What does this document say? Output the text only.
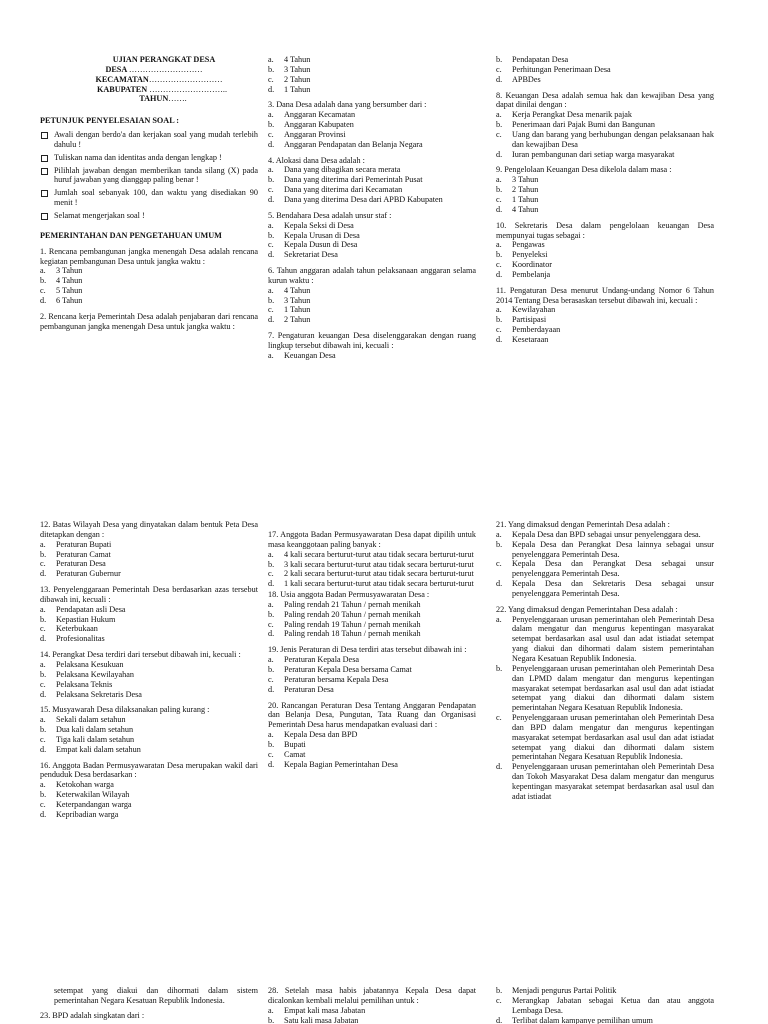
UJIAN PERANGKAT DESA

DESA ………………………

KECAMATAN………………………

KABUPATEN ………………………..

TAHUN…….

PETUNJUK PENYELESAIAN SOAL :
Awali dengan berdo'a dan kerjakan soal yang mudah terlebih dahulu !
Tuliskan nama dan identitas anda dengan lengkap !
Pilihlah jawaban dengan memberikan tanda silang (X) pada huruf jawaban yang dianggap paling benar !
Jumlah soal sebanyak 100, dan waktu yang disediakan 90 menit !
Selamat mengerjakan soal !
PEMERINTAHAN DAN PENGETAHUAN UMUM
1. Rencana pembangunan jangka menengah Desa adalah rencana kegiatan pembangunan Desa untuk jangka waktu :
a.	3 Tahun
b.	4 Tahun
c.	5 Tahun
d.	6 Tahun
2. Rencana kerja Pemerintah Desa adalah penjabaran dari rencana pembangunan jangka menengah Desa untuk jangka waktu :
a.	4 Tahun
b.	3 Tahun
c.	2 Tahun
d.	1 Tahun
3. Dana Desa adalah dana yang bersumber dari :
a.	Anggaran Kecamatan
b.	Anggaran Kabupaten
c.	Anggaran Provinsi
d.	Anggaran Pendapatan dan Belanja Negara
4. Alokasi dana Desa adalah :
a.	Dana yang dibagikan secara merata
b.	Dana yang diterima dari Pemerintah Pusat
c.	Dana yang diterima dari Kecamatan
d.	Dana yang diterima Desa dari APBD Kabupaten
5. Bendahara Desa adalah unsur staf :
a.	Kepala Seksi di Desa
b.	Kepala Urusan di Desa
c.	Kepala Dusun di Desa
d.	Sekretariat Desa
6. Tahun anggaran adalah tahun pelaksanaan anggaran selama kurun waktu :
a.	4 Tahun
b.	3 Tahun
c.	1 Tahun
d.	2 Tahun
7. Pengaturan keuangan Desa diselenggarakan dengan ruang lingkup tersebut dibawah ini, kecuali :
a.	Keuangan Desa
b.	Pendapatan Desa
c.	Perhitungan Penerimaan Desa
d.	APBDes
8. Keuangan Desa adalah semua hak dan kewajiban Desa yang dapat dinilai dengan :
a.	Kerja Perangkat Desa menarik pajak
b.	Penerimaan dari Pajak Bumi dan Bangunan
c.	Uang dan barang yang berhubungan dengan pelaksanaan hak dan kewajiban Desa
d.	Iuran pembangunan dari setiap warga masyarakat
9. Pengelolaan Keuangan Desa dikelola dalam masa :
a.	3 Tahun
b.	2 Tahun
c.	1 Tahun
d.	4 Tahun
10. Sekretaris Desa dalam pengelolaan keuangan Desa mempunyai tugas sebagai :
a.	Pengawas
b.	Penyeleksi
c.	Koordinator
d.	Pembelanja
11. Pengaturan Desa menurut Undang-undang Nomor 6 Tahun 2014 Tentang Desa berasaskan tersebut dibawah ini, kecuali :
a.	Kewilayahan
b.	Partisipasi
c.	Pemberdayaan
d.	Kesetaraan
12. Batas Wilayah Desa yang dinyatakan dalam bentuk Peta Desa ditetapkan dengan :
a.	Peraturan Bupati
b.	Peraturan Camat
c.	Peraturan Desa
d.	Peraturan Gubernur
13. Penyelenggaraan Pemerintah Desa berdasarkan azas tersebut dibawah ini, kecuali :
a.	Pendapatan asli Desa
b.	Kepastian Hukum
c.	Keterbukaan
d.	Profesionalitas
14. Perangkat Desa terdiri dari tersebut dibawah ini, kecuali :
a.	Pelaksana Kesukuan
b.	Pelaksana Kewilayahan
c.	Pelaksana Teknis
d.	Pelaksana Sekretaris Desa
15. Musyawarah Desa dilaksanakan paling kurang :
a.	Sekali dalam setahun
b.	Dua kali dalam setahun
c.	Tiga kali dalam setahun
d.	Empat kali dalam setahun
16. Anggota Badan Permusyawaratan Desa merupakan wakil dari penduduk Desa berdasarkan :
a.	Ketokohan warga
b.	Keterwakilan Wilayah
c.	Keterpandangan warga
d.	Kepribadian warga
17. Anggota Badan Permusyawaratan Desa dapat dipilih untuk masa keanggotaan paling banyak :
a.	4 kali secara berturut-turut atau tidak secara berturut-turut
b.	3 kali secara berturut-turut atau tidak secara berturut-turut
c.	2 kali secara berturut-turut atau tidak secara berturut-turut
d.	1 kali secara berturut-turut atau tidak secara berturut-turut
18. Usia anggota Badan Permusyawaratan Desa :
a.	Paling rendah 21 Tahun / pernah menikah
b.	Paling rendah 20 Tahun / pernah menikah
c.	Paling rendah 19 Tahun / pernah menikah
d.	Paling rendah 18 Tahun / pernah menikah
19. Jenis Peraturan di Desa terdiri atas tersebut dibawah ini :
a.	Peraturan Kepala Desa
b.	Peraturan Kepala Desa bersama Camat
c.	Peraturan bersama Kepala Desa
d.	Peraturan Desa
20. Rancangan Peraturan Desa Tentang Anggaran Pendapatan dan Belanja Desa, Pungutan, Tata Ruang dan Organisasi Pemerintah Desa harus mendapatkan evaluasi dari :
a.	Kepala Desa dan BPD
b.	Bupati
c.	Camat
d.	Kepala Bagian Pemerintahan Desa
21. Yang dimaksud dengan Pemerintah Desa adalah :
a.	Kepala Desa dan BPD sebagai unsur penyelenggara desa.
b.	Kepala Desa dan Perangkat Desa lainnya sebagai unsur penyelenggara Pemerintah Desa.
c.	Kepala Desa dan Perangkat Desa sebagai unsur penyelenggara Pemerintah Desa.
d.	Kepala Desa dan Sekretaris Desa sebagai unsur penyelenggara Pemerintah Desa.
22. Yang dimaksud dengan Pemerintahan Desa adalah :
a.	Penyelenggaraan urusan pemerintahan oleh Pemerintah Desa dalam mengatur dan mengurus kepentingan masyarakat setempat berdasarkan asal usul dan adat istiadat setempat yang diakui dan dihormati dalam sistem pemerintahan Negara Kesatuan Republik Indonesia.
b.	Penyelenggaraan urusan pemerintahan oleh Pemerintah Desa dan LPMD dalam mengatur dan mengurus kepentingan masyarakat setempat berdasarkan asal usul dan adat istiadat setempat yang diakui dan dihormati dalam sistem pemerintahan Negara Kesatuan Republik Indonesia.
c.	Penyelenggaraan urusan pemerintahan oleh Pemerintah Desa dan BPD dalam mengatur dan mengurus kepentingan masyarakat setempat berdasarkan asal usul dan adat istiadat setempat yang diakui dan dihormati dalam sistem pemerintahan Negara Kesatuan Republik Indonesia.
d.	Penyelenggaraan urusan pemerintahan oleh Pemerintah Desa dan Tokoh Masyarakat Desa dalam mengatur dan mengurus kepentingan masyarakat setempat berdasarkan asal usul dan adat istiadat
setempat yang diakui dan dihormati dalam sistem pemerintahan Negara Kesatuan Republik Indonesia.
23. BPD adalah singkatan dari :
28. Setelah masa habis jabatannya Kepala Desa dapat dicalonkan kembali melalui pemilihan untuk :
a.	Empat kali masa Jabatan
b.	Satu kali masa Jabatan
b.	Menjadi pengurus Partai Politik
c.	Merangkap Jabatan sebagai Ketua dan atau anggota Lembaga Desa.
d.	Terlibat dalam kampanye pemilihan umum
